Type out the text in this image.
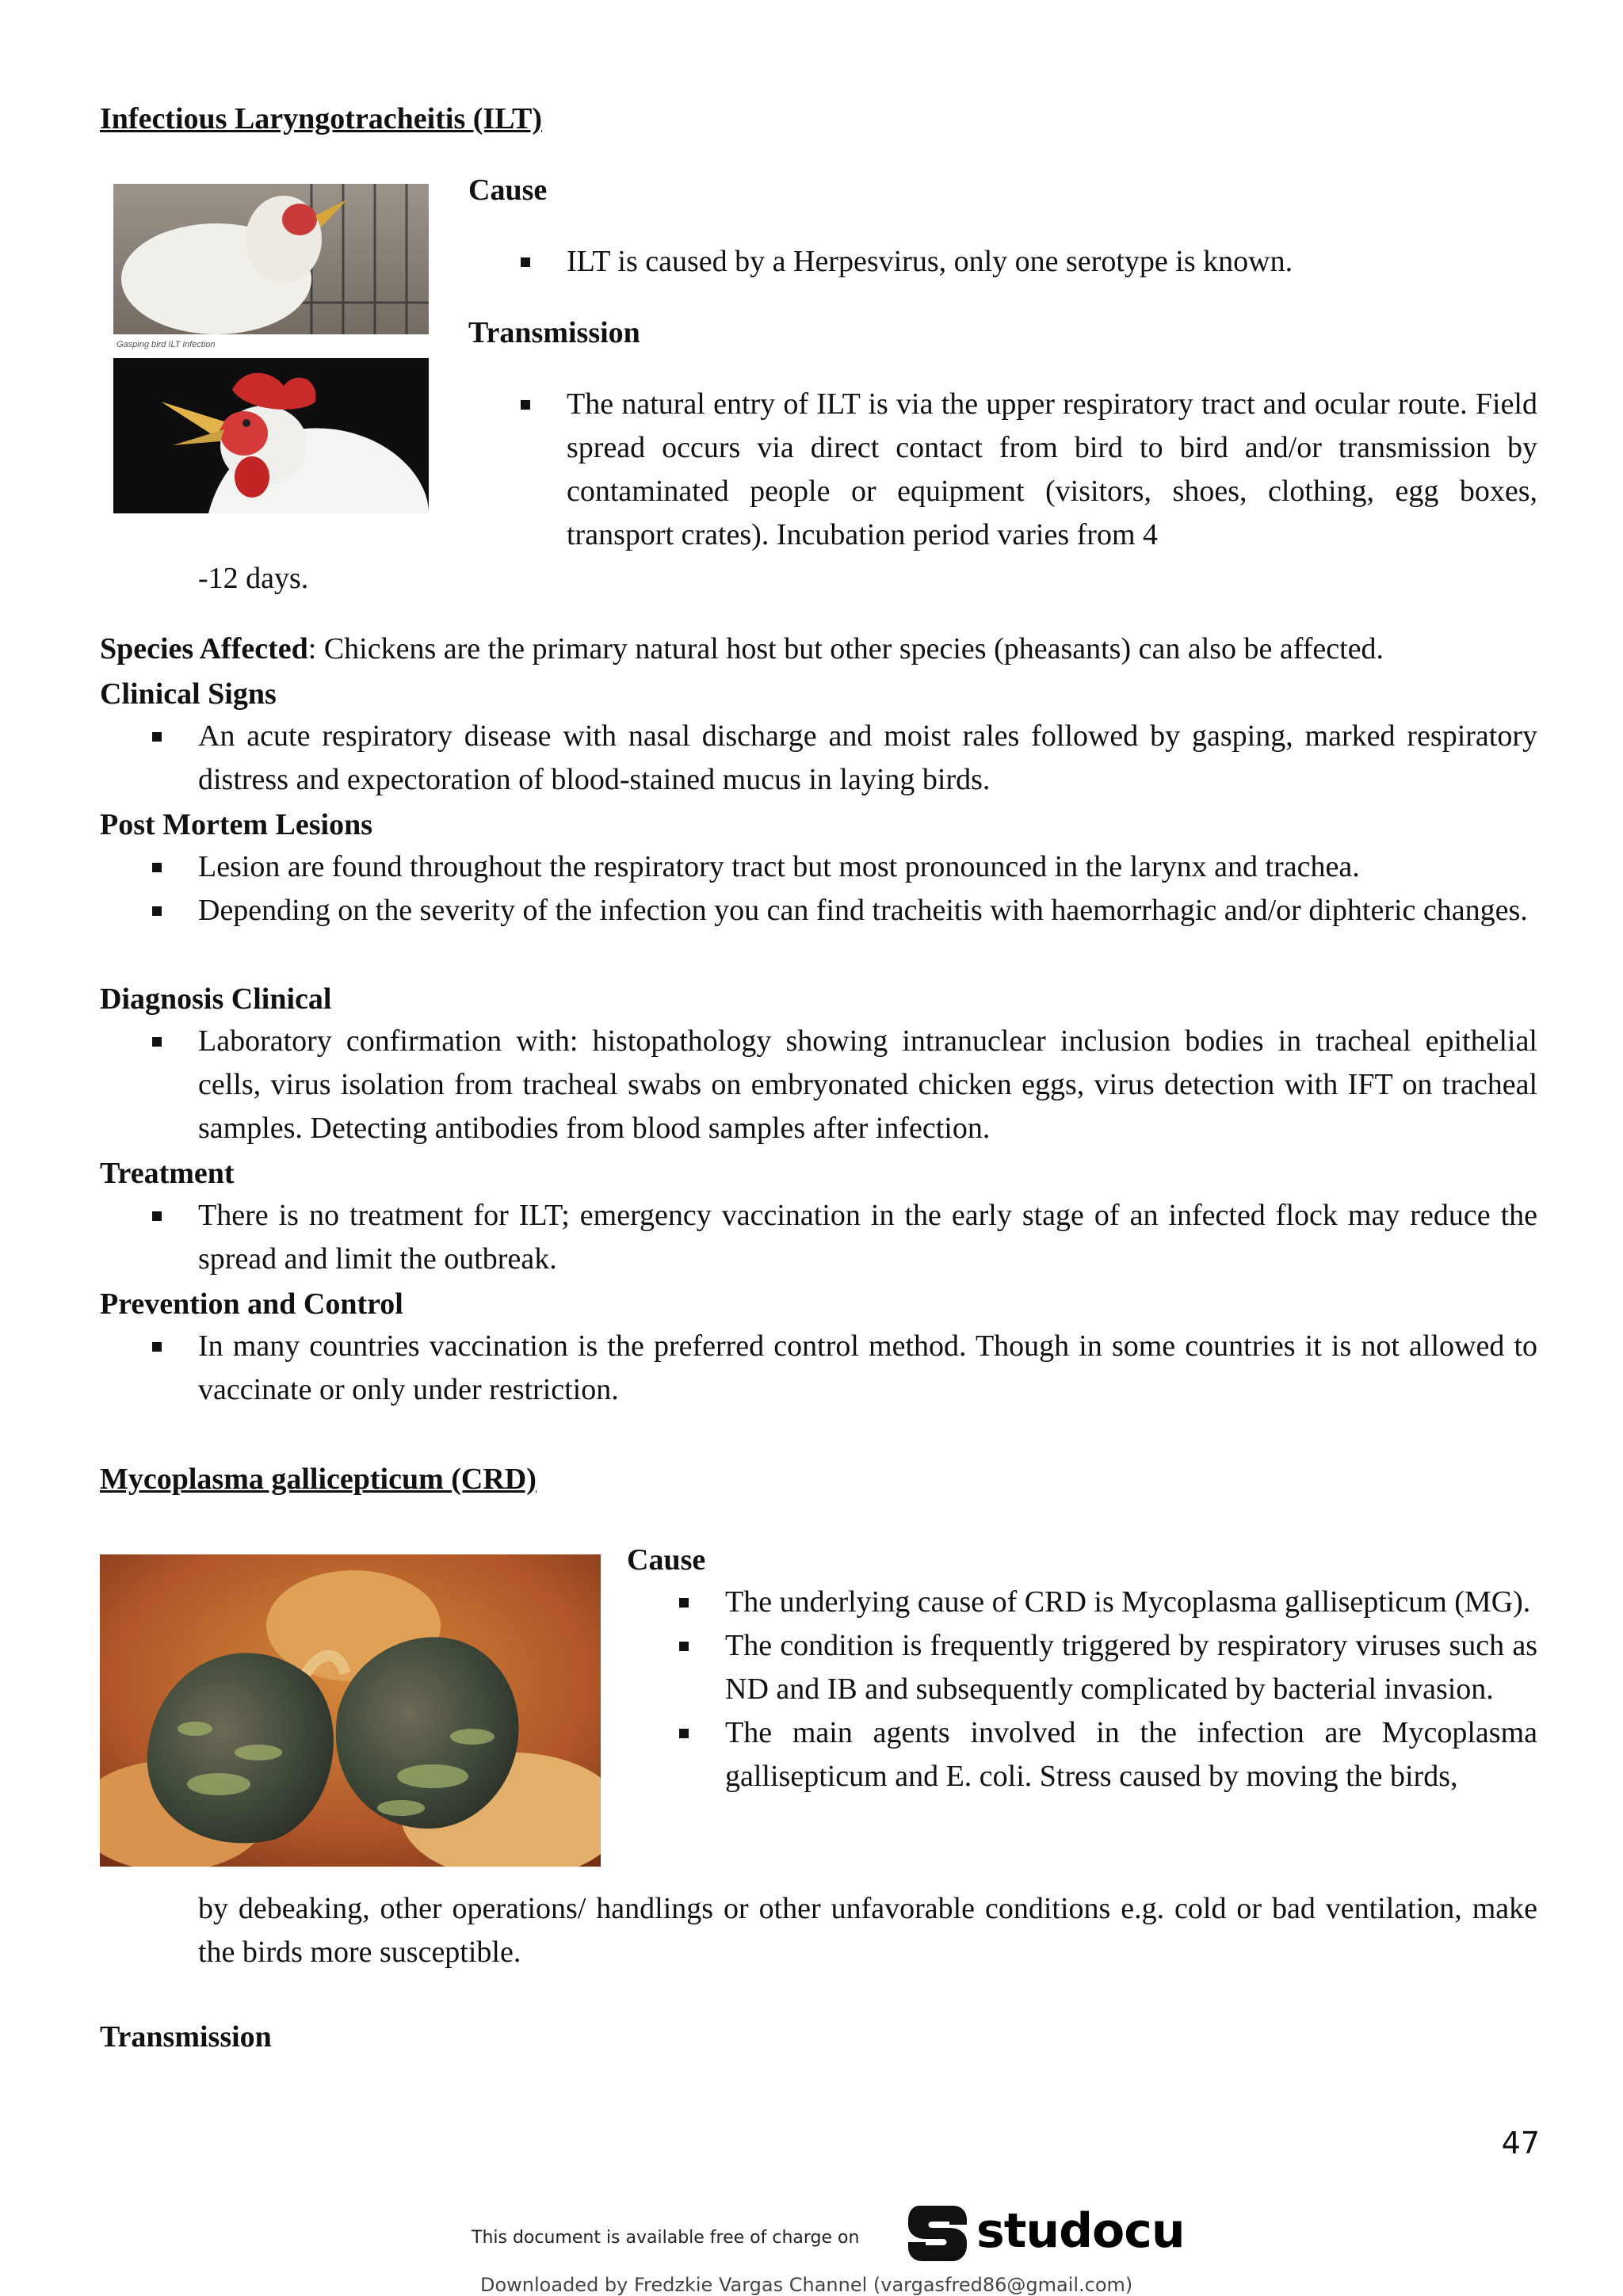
Infectious Laryngotracheitis (ILT)
Gasping bird ILT infection
Cause
ILT is caused by a Herpesvirus, only one serotype is known.
Transmission
The natural entry of ILT is via the upper respiratory tract and ocular route. Field spread occurs via direct contact from bird to bird and/or transmission by contaminated people or equipment (visitors, shoes, clothing, egg boxes, transport crates). Incubation period varies from 4
-12 days.
Species Affected: Chickens are the primary natural host but other species (pheasants) can also be affected.
Clinical Signs
An acute respiratory disease with nasal discharge and moist rales followed by gasping, marked respiratory distress and expectoration of blood-stained mucus in laying birds.
Post Mortem Lesions
Lesion are found throughout the respiratory tract but most pronounced in the larynx and trachea.
Depending on the severity of the infection you can find tracheitis with haemorrhagic and/or diphteric changes.
Diagnosis Clinical
Laboratory confirmation with: histopathology showing intranuclear inclusion bodies in tracheal epithelial cells, virus isolation from tracheal swabs on embryonated chicken eggs, virus detection with IFT on tracheal samples. Detecting antibodies from blood samples after infection.
Treatment
There is no treatment for ILT; emergency vaccination in the early stage of an infected flock may reduce the spread and limit the outbreak.
Prevention and Control
In many countries vaccination is the preferred control method. Though in some countries it is not allowed to vaccinate or only under restriction.
Mycoplasma gallicepticum (CRD)
Cause
The underlying cause of CRD is Mycoplasma gallisepticum (MG).
The condition is frequently triggered by respiratory viruses such as ND and IB and subsequently complicated by bacterial invasion.
The main agents involved in the infection are Mycoplasma gallisepticum and E. coli. Stress caused by moving the birds,
by debeaking, other operations/ handlings or other unfavorable conditions e.g. cold or bad ventilation, make the birds more susceptible.
Transmission
47
This document is available free of charge on studocu
Downloaded by Fredzkie Vargas Channel (vargasfred86@gmail.com)
